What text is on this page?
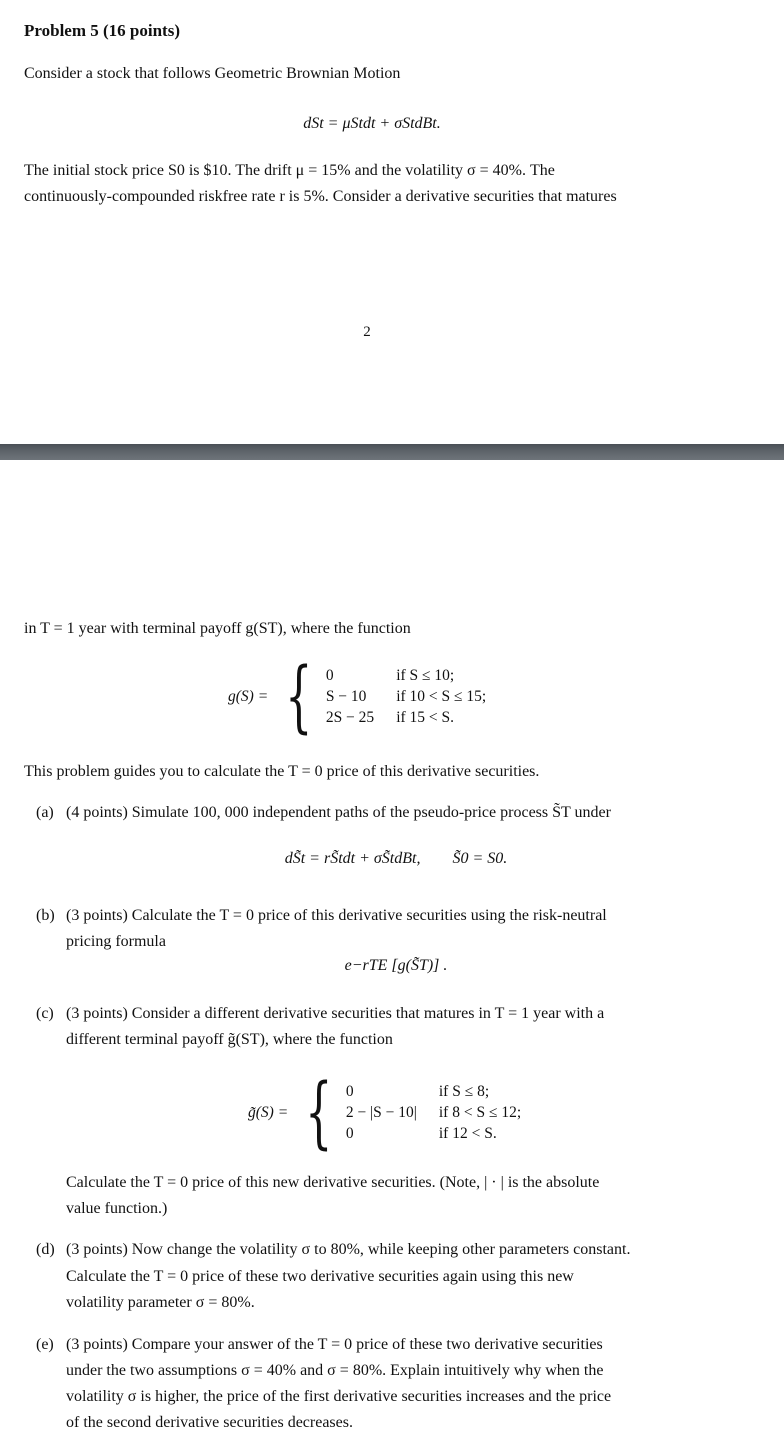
Problem 5 (16 points)
Consider a stock that follows Geometric Brownian Motion
dSt = μStdt + σStdBt.
The initial stock price S0 is $10. The drift μ = 15% and the volatility σ = 40%. The
continuously-compounded riskfree rate r is 5%. Consider a derivative securities that matures
2
in T = 1 year with terminal payoff g(ST), where the function
g(S) = { 0	if S ≤ 10;
S − 10	if 10 < S ≤ 15;
2S − 25 if 15 < S.
This problem guides you to calculate the T = 0 price of this derivative securities.
(a) (4 points) Simulate 100, 000 independent paths of the pseudo-price process S̃T under
dS̃t = rS̃tdt + σS̃tdBt,        S̃0 = S0.
(b) (3 points) Calculate the T = 0 price of this derivative securities using the risk-neutral
pricing formula
e−rTE [g(S̃T)] .
(c) (3 points) Consider a different derivative securities that matures in T = 1 year with a
different terminal payoff g̃(ST), where the function
g̃(S) = { 0	if S ≤ 8;
2 − |S − 10| if 8 < S ≤ 12;
0	if 12 < S.
Calculate the T = 0 price of this new derivative securities. (Note, | · | is the absolute
value function.)
(d) (3 points) Now change the volatility σ to 80%, while keeping other parameters constant.
Calculate the T = 0 price of these two derivative securities again using this new
volatility parameter σ = 80%.
(e) (3 points) Compare your answer of the T = 0 price of these two derivative securities
under the two assumptions σ = 40% and σ = 80%. Explain intuitively why when the
volatility σ is higher, the price of the first derivative securities increases and the price
of the second derivative securities decreases.
